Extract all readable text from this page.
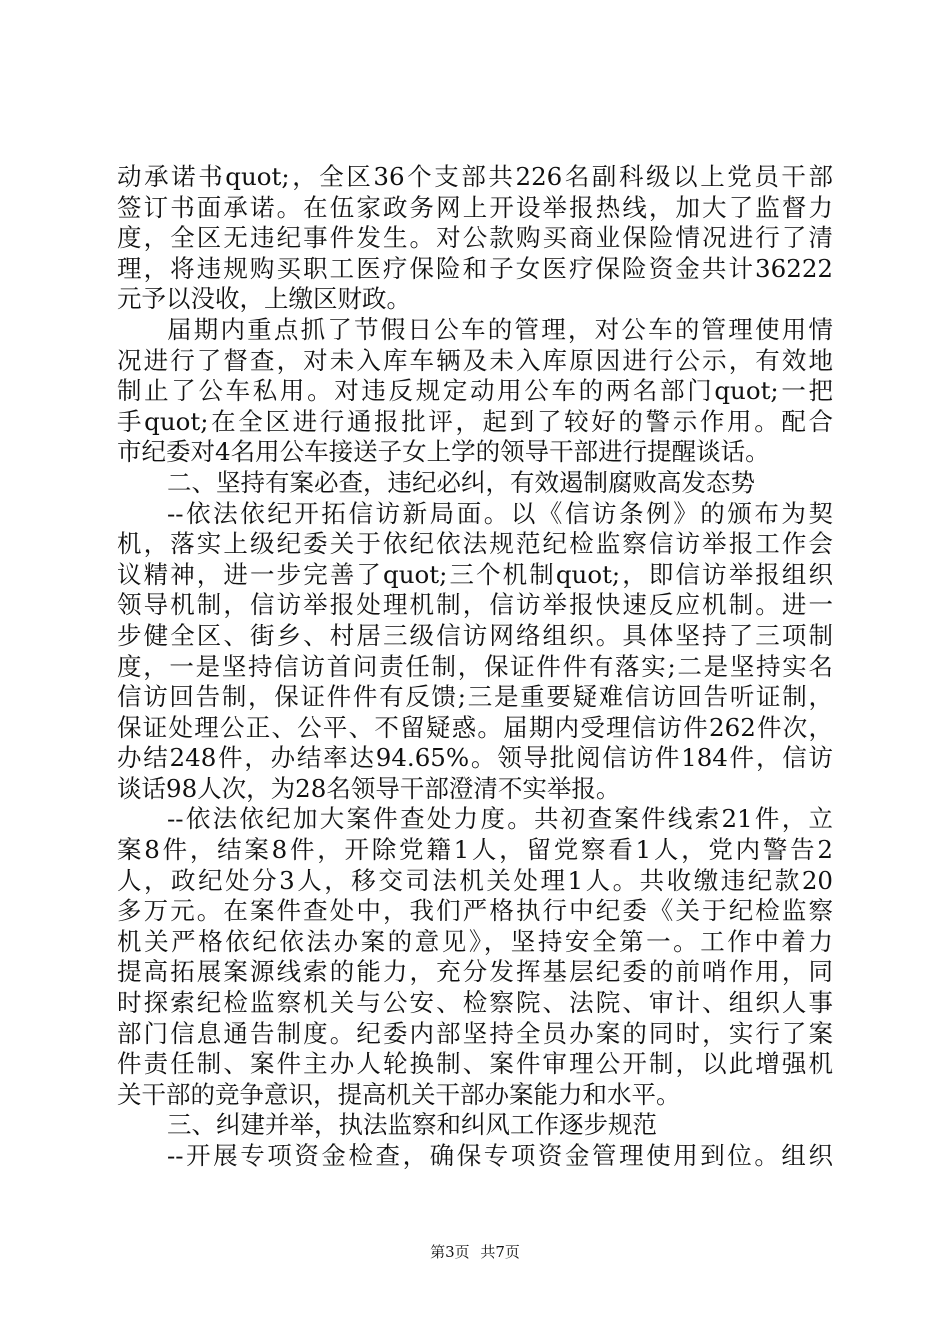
动承诺书quot;，全区36个支部共226名副科级以上党员干部
签订书面承诺。在伍家政务网上开设举报热线，加大了监督力
度，全区无违纪事件发生。对公款购买商业保险情况进行了清
理，将违规购买职工医疗保险和子女医疗保险资金共计36222
元予以没收，上缴区财政。
届期内重点抓了节假日公车的管理，对公车的管理使用情
况进行了督查，对未入库车辆及未入库原因进行公示，有效地
制止了公车私用。对违反规定动用公车的两名部门quot;一把
手quot;在全区进行通报批评，起到了较好的警示作用。配合
市纪委对4名用公车接送子女上学的领导干部进行提醒谈话。
二、坚持有案必查，违纪必纠，有效遏制腐败高发态势
--依法依纪开拓信访新局面。以《信访条例》的颁布为契
机，落实上级纪委关于依纪依法规范纪检监察信访举报工作会
议精神，进一步完善了quot;三个机制quot;，即信访举报组织
领导机制，信访举报处理机制，信访举报快速反应机制。进一
步健全区、街乡、村居三级信访网络组织。具体坚持了三项制
度，一是坚持信访首问责任制，保证件件有落实;二是坚持实名
信访回告制，保证件件有反馈;三是重要疑难信访回告听证制，
保证处理公正、公平、不留疑惑。届期内受理信访件262件次，
办结248件，办结率达94.65%。领导批阅信访件184件，信访
谈话98人次，为28名领导干部澄清不实举报。
--依法依纪加大案件查处力度。共初查案件线索21件，立
案8件，结案8件，开除党籍1人，留党察看1人，党内警告2
人，政纪处分3人，移交司法机关处理1人。共收缴违纪款20
多万元。在案件查处中，我们严格执行中纪委《关于纪检监察
机关严格依纪依法办案的意见》，坚持安全第一。工作中着力
提高拓展案源线索的能力，充分发挥基层纪委的前哨作用，同
时探索纪检监察机关与公安、检察院、法院、审计、组织人事
部门信息通告制度。纪委内部坚持全员办案的同时，实行了案
件责任制、案件主办人轮换制、案件审理公开制，以此增强机
关干部的竞争意识，提高机关干部办案能力和水平。
三、纠建并举，执法监察和纠风工作逐步规范
--开展专项资金检查，确保专项资金管理使用到位。组织
第3页 共7页
